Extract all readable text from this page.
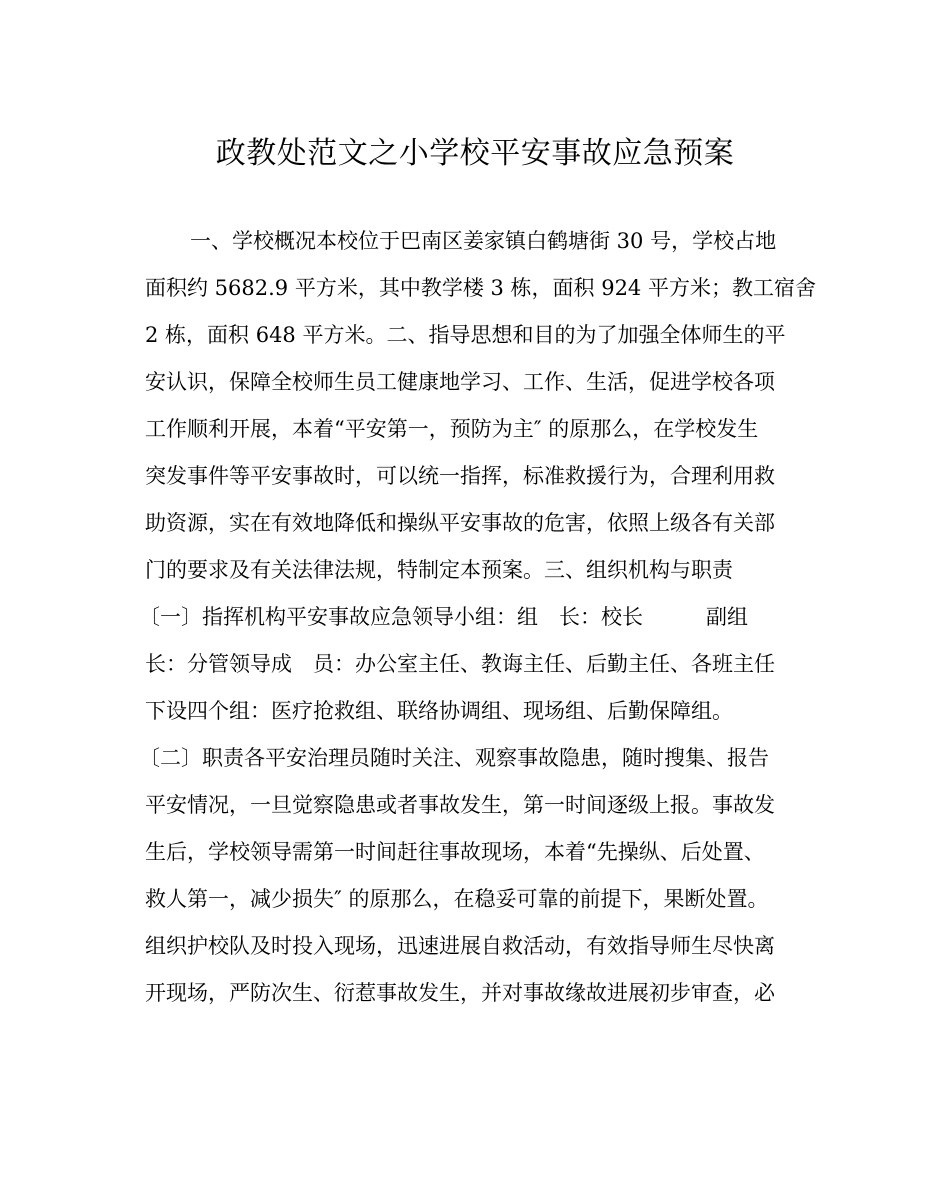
政教处范文之小学校平安事故应急预案
一、学校概况本校位于巴南区姜家镇白鹤塘街 30 号，学校占地
面积约 5682.9 平方米，其中教学楼 3 栋，面积 924 平方米；教工宿舍
2 栋，面积 648 平方米。二、指导思想和目的为了加强全体师生的平
安认识，保障全校师生员工健康地学习、工作、生活，促进学校各项
工作顺利开展，本着“平安第一，预防为主″ 的原那么，在学校发生
突发事件等平安事故时，可以统一指挥，标准救援行为，合理利用救
助资源，实在有效地降低和操纵平安事故的危害，依照上级各有关部
门的要求及有关法律法规，特制定本预案。三、组织机构与职责
〔一〕指挥机构平安事故应急领导小组：组　长：校长　　　副组
长：分管领导成　员：办公室主任、教诲主任、后勤主任、各班主任
下设四个组：医疗抢救组、联络协调组、现场组、后勤保障组。
〔二〕职责各平安治理员随时关注、观察事故隐患，随时搜集、报告
平安情况，一旦觉察隐患或者事故发生，第一时间逐级上报。事故发
生后，学校领导需第一时间赶往事故现场，本着“先操纵、后处置、
救人第一，减少损失″ 的原那么，在稳妥可靠的前提下，果断处置。
组织护校队及时投入现场，迅速进展自救活动，有效指导师生尽快离
开现场，严防次生、衍惹事故发生，并对事故缘故进展初步审查，必
